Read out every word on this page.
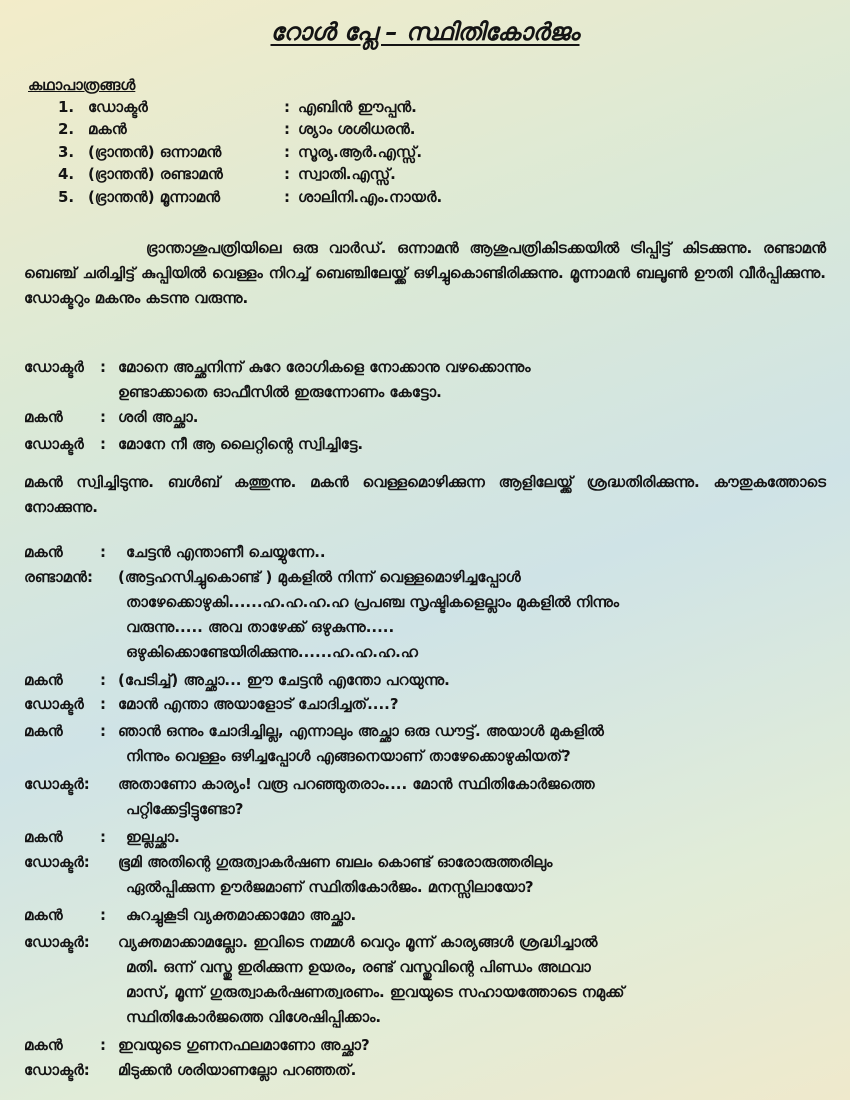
റോൾ പ്ലേ – സ്ഥിതികോർജം
കഥാപാത്രങ്ങൾ
1. ഡോക്ടർ	: എബിൻ ഈപ്പൻ.
2. മകൻ	: ശ്യാം ശശിധരൻ.
3. (ഭ്രാന്തൻ) ഒന്നാമൻ	: സൂര്യ.ആർ.എസ്സ്.
4. (ഭ്രാന്തൻ) രണ്ടാമൻ	: സ്വാതി.എസ്സ്.
5. (ഭ്രാന്തൻ) മൂന്നാമൻ	: ശാലിനി.എം.നായർ.
ഭ്രാന്താശുപത്രിയിലെ ഒരു വാർഡ്. ഒന്നാമൻ ആശുപത്രികിടക്കയിൽ ട്രിപ്പിട്ട് കിടക്കുന്നു. രണ്ടാമൻ ബെഞ്ച് ചരിച്ചിട്ട് കുപ്പിയിൽ വെള്ളം നിറച്ച് ബെഞ്ചിലേയ്ക്ക് ഒഴിച്ചുകൊണ്ടിരിക്കുന്നു. മൂന്നാമൻ ബലൂൺ ഊതി വീർപ്പിക്കുന്നു. ഡോക്ടറും മകനും കടന്നു വരുന്നു.
ഡോക്ടർ : മോനെ അച്ഛനിന്ന് കുറേ രോഗികളെ നോക്കാനു വഴക്കൊന്നും
ഉണ്ടാക്കാതെ ഓഫീസിൽ ഇരുന്നോണം കേട്ടോ.
മകൻ : ശരി അച്ഛാ.
ഡോക്ടർ : മോനേ നീ ആ ലൈറ്റിന്റെ സ്വിച്ചിട്ടേ.
മകൻ സ്വിച്ചിടുന്നു. ബൾബ് കത്തുന്നു. മകൻ വെള്ളമൊഴിക്കുന്ന ആളിലേയ്ക്ക് ശ്രദ്ധതിരിക്കുന്നു. കൗതുകത്തോടെ നോക്കുന്നു.
മകൻ : ചേട്ടൻ എന്താണീ ചെയ്യുന്നേ..
രണ്ടാമൻ: (അട്ടഹസിച്ചുകൊണ്ട് ) മുകളിൽ നിന്ന് വെള്ളമൊഴിച്ചപ്പോൾ
താഴേക്കൊഴുകി......ഹ.ഹ.ഹ.ഹ പ്രപഞ്ച സൃഷ്ടികളെല്ലാം മുകളിൽ നിന്നും
വരുന്നു..... അവ താഴേക്ക് ഒഴുകുന്നു.....
ഒഴുകിക്കൊണ്ടേയിരിക്കുന്നു......ഹ.ഹ.ഹ.ഹ
മകൻ : (പേടിച്ച്) അച്ഛാ... ഈ ചേട്ടൻ എന്തോ പറയുന്നു.
ഡോക്ടർ : മോൻ എന്താ അയാളോട് ചോദിച്ചത്....?
മകൻ : ഞാൻ ഒന്നും ചോദിച്ചില്ല, എന്നാലും അച്ഛാ ഒരു ഡൗട്ട്. അയാൾ മുകളിൽ
നിന്നും വെള്ളം ഒഴിച്ചപ്പോൾ എങ്ങനെയാണ് താഴേക്കൊഴുകിയത്?
ഡോക്ടർ: അതാണോ കാര്യം! വരൂ പറഞ്ഞുതരാം.... മോൻ സ്ഥിതികോർജത്തെ
പറ്റിക്കേട്ടിട്ടുണ്ടോ?
മകൻ : ഇല്ലച്ഛാ.
ഡോക്ടർ: ഭൂമി അതിന്റെ ഗുരുത്വാകർഷണ ബലം കൊണ്ട് ഓരോരുത്തരിലും
ഏൽപ്പിക്കുന്ന ഊർജമാണ് സ്ഥിതികോർജം. മനസ്സിലായോ?
മകൻ : കുറച്ചുകൂടി വ്യക്തമാക്കാമോ അച്ഛാ.
ഡോക്ടർ: വ്യക്തമാക്കാമല്ലോ. ഇവിടെ നമ്മൾ വെറും മൂന്ന് കാര്യങ്ങൾ ശ്രദ്ധിച്ചാൽ
മതി. ഒന്ന് വസ്തു ഇരിക്കുന്ന ഉയരം, രണ്ട് വസ്തുവിന്റെ പിണ്ഡം അഥവാ
മാസ്, മൂന്ന് ഗുരുത്വാകർഷണത്വരണം. ഇവയുടെ സഹായത്തോടെ നമുക്ക്
സ്ഥിതികോർജത്തെ വിശേഷിപ്പിക്കാം.
മകൻ : ഇവയുടെ ഗുണനഫലമാണോ അച്ഛാ?
ഡോക്ടർ: മിടുക്കൻ ശരിയാണല്ലോ പറഞ്ഞത്.
